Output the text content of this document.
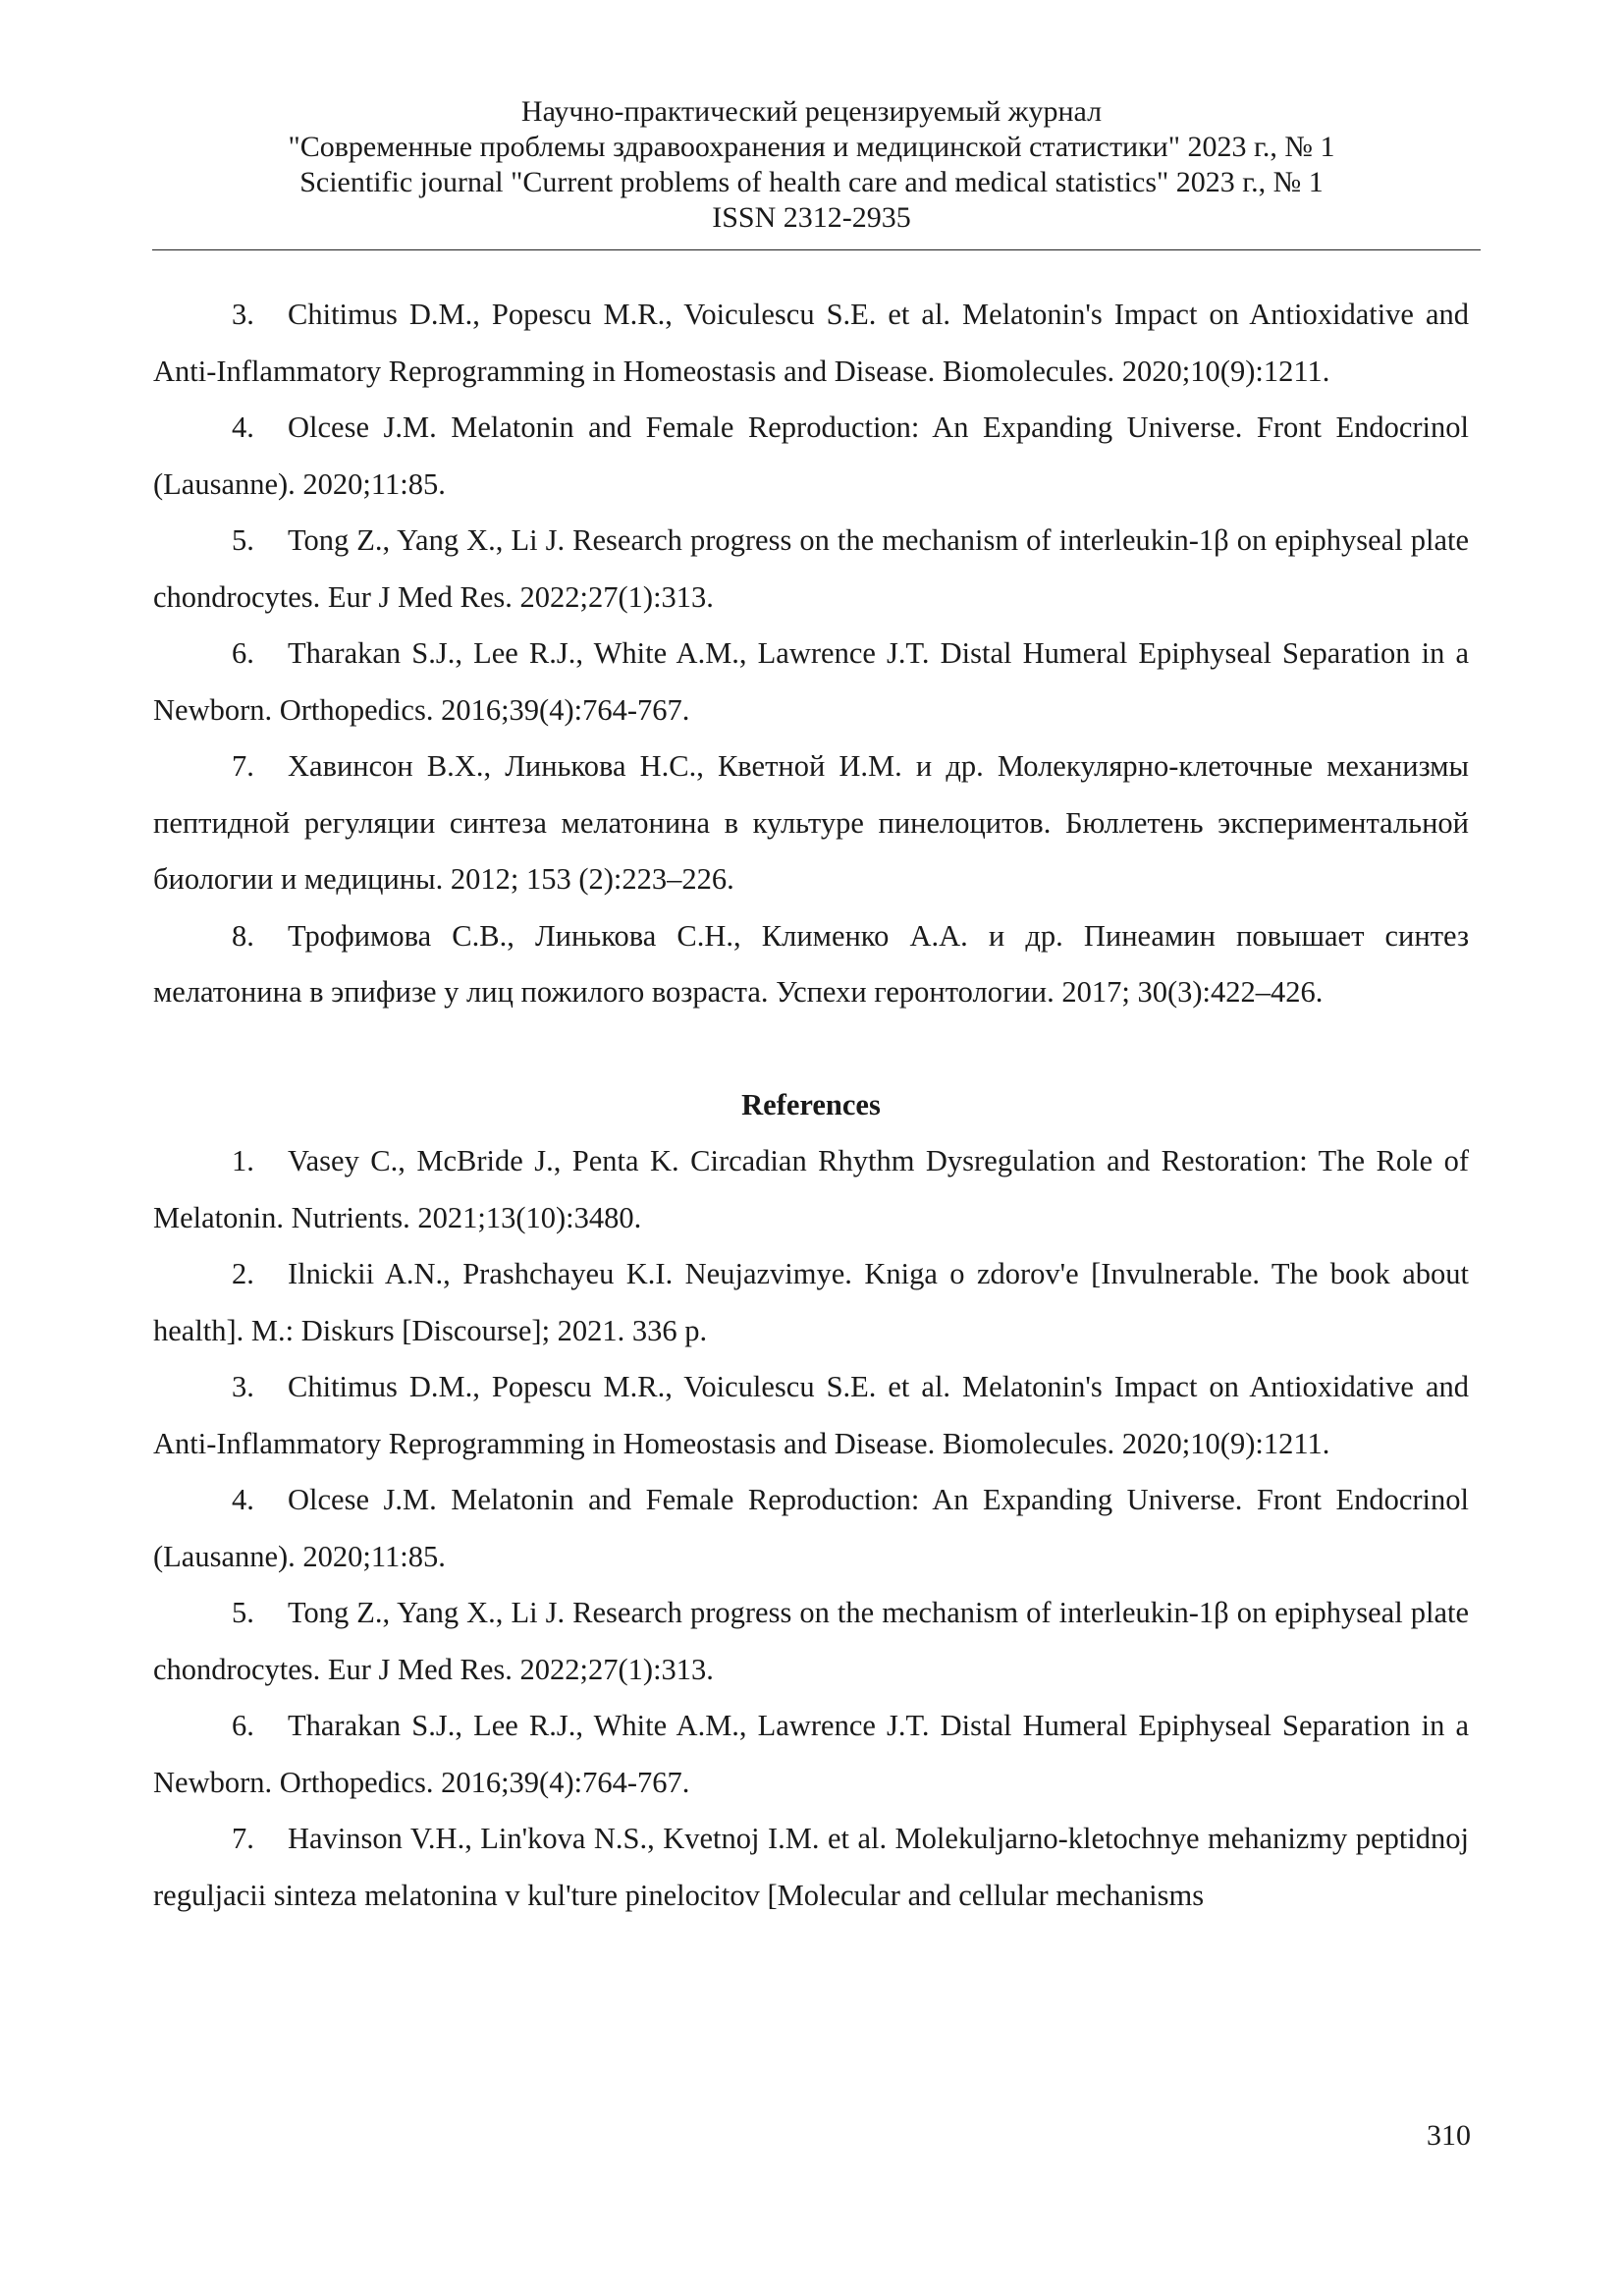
Научно-практический рецензируемый журнал
"Современные проблемы здравоохранения и медицинской статистики" 2023 г., № 1
Scientific journal "Current problems of health care and medical statistics" 2023 г., № 1
ISSN 2312-2935

3. Chitimus D.M., Popescu M.R., Voiculescu S.E. et al. Melatonin's Impact on Antioxidative and Anti-Inflammatory Reprogramming in Homeostasis and Disease. Biomolecules. 2020;10(9):1211.

4. Olcese J.M. Melatonin and Female Reproduction: An Expanding Universe. Front Endocrinol (Lausanne). 2020;11:85.

5. Tong Z., Yang X., Li J. Research progress on the mechanism of interleukin-1β on epiphyseal plate chondrocytes. Eur J Med Res. 2022;27(1):313.

6. Tharakan S.J., Lee R.J., White A.M., Lawrence J.T. Distal Humeral Epiphyseal Separation in a Newborn. Orthopedics. 2016;39(4):764-767.

7. Хавинсон В.Х., Линькова Н.С., Кветной И.М. и др. Молекулярно-клеточные механизмы пептидной регуляции синтеза мелатонина в культуре пинелоцитов. Бюллетень экспериментальной биологии и медицины. 2012; 153 (2):223–226.

8. Трофимова С.В., Линькова С.Н., Клименко А.А. и др. Пинеамин повышает синтез мелатонина в эпифизе у лиц пожилого возраста. Успехи геронтологии. 2017; 30(3):422–426.

References

1. Vasey C., McBride J., Penta K. Circadian Rhythm Dysregulation and Restoration: The Role of Melatonin. Nutrients. 2021;13(10):3480.

2. Ilnickii A.N., Prashchayeu K.I. Neujazvimye. Kniga o zdorov'e [Invulnerable. The book about health]. M.: Diskurs [Discourse]; 2021. 336 p.

3. Chitimus D.M., Popescu M.R., Voiculescu S.E. et al. Melatonin's Impact on Antioxidative and Anti-Inflammatory Reprogramming in Homeostasis and Disease. Biomolecules. 2020;10(9):1211.

4. Olcese J.M. Melatonin and Female Reproduction: An Expanding Universe. Front Endocrinol (Lausanne). 2020;11:85.

5. Tong Z., Yang X., Li J. Research progress on the mechanism of interleukin-1β on epiphyseal plate chondrocytes. Eur J Med Res. 2022;27(1):313.

6. Tharakan S.J., Lee R.J., White A.M., Lawrence J.T. Distal Humeral Epiphyseal Separation in a Newborn. Orthopedics. 2016;39(4):764-767.

7. Havinson V.H., Lin'kova N.S., Kvetnoj I.M. et al. Molekuljarno-kletochnye mehanizmy peptidnoj reguljacii sinteza melatonina v kul'ture pinelocitov [Molecular and cellular mechanisms

310
